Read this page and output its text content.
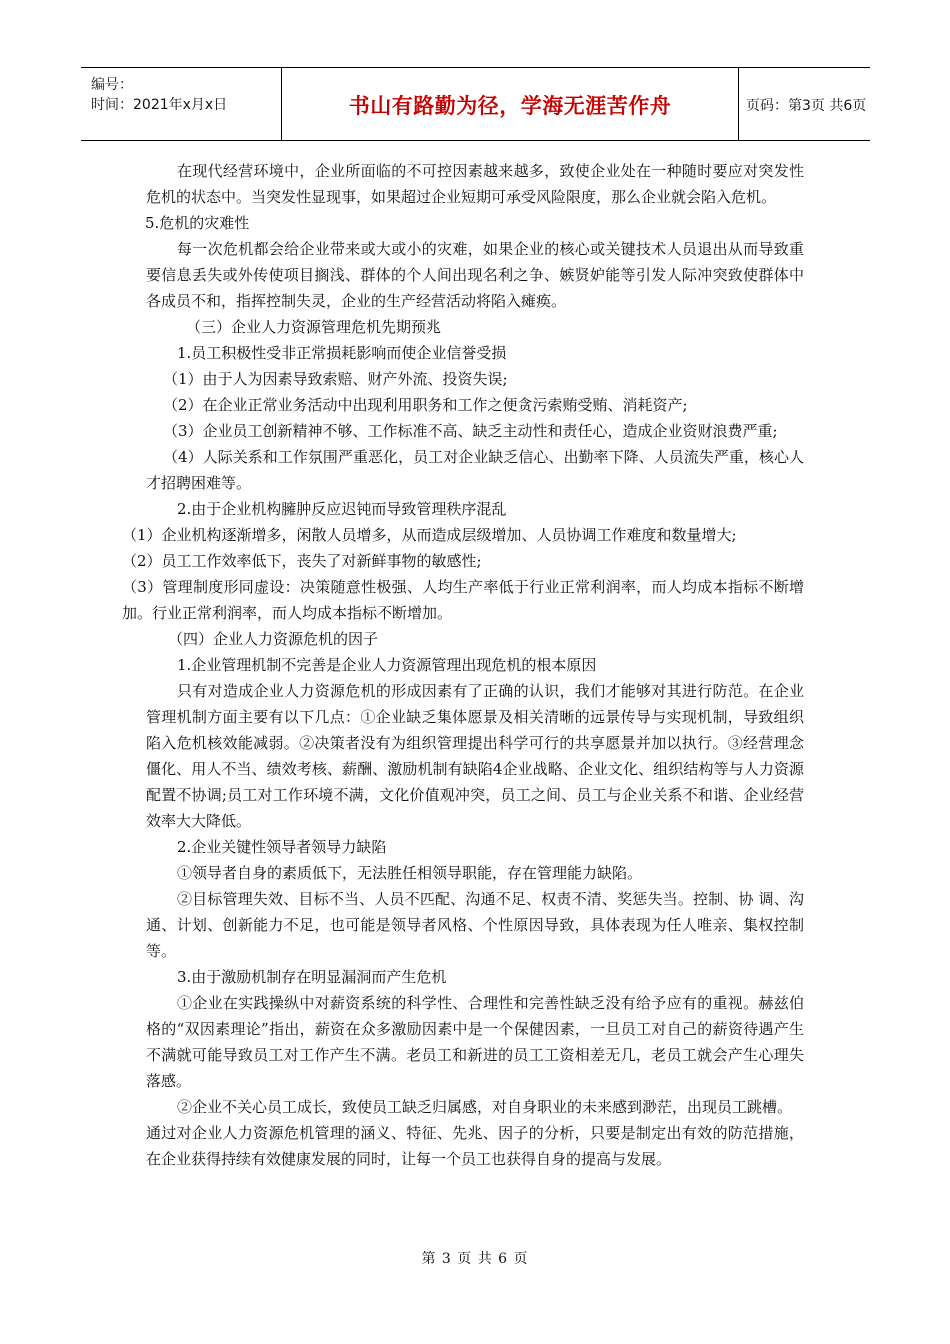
编号：
时间：2021年x月x日	书山有路勤为径，学海无涯苦作舟	页码：第3页 共6页

在现代经营环境中，企业所面临的不可控因素越来越多，致使企业处在一种随时要应对突发性危机的状态中。当突发性显现事，如果超过企业短期可承受风险限度，那么企业就会陷入危机。

5.危机的灾难性

每一次危机都会给企业带来或大或小的灾难，如果企业的核心或关键技术人员退出从而导致重要信息丢失或外传使项目搁浅、群体的个人间出现名利之争、嫉贤妒能等引发人际冲突致使群体中各成员不和，指挥控制失灵，企业的生产经营活动将陷入瘫痪。

（三）企业人力资源管理危机先期预兆

1.员工积极性受非正常损耗影响而使企业信誉受损

（1）由于人为因素导致索赔、财产外流、投资失误;

（2）在企业正常业务活动中出现利用职务和工作之便贪污索贿受贿、消耗资产;

（3）企业员工创新精神不够、工作标准不高、缺乏主动性和责任心，造成企业资财浪费严重;

（4）人际关系和工作氛围严重恶化，员工对企业缺乏信心、出勤率下降、人员流失严重，核心人才招聘困难等。

2.由于企业机构臃肿反应迟钝而导致管理秩序混乱

（1）企业机构逐渐增多，闲散人员增多，从而造成层级增加、人员协调工作难度和数量增大;

（2）员工工作效率低下，丧失了对新鲜事物的敏感性;

（3）管理制度形同虚设：决策随意性极强、人均生产率低于行业正常利润率，而人均成本指标不断增加。行业正常利润率，而人均成本指标不断增加。

（四）企业人力资源危机的因子

1.企业管理机制不完善是企业人力资源管理出现危机的根本原因

只有对造成企业人力资源危机的形成因素有了正确的认识，我们才能够对其进行防范。在企业管理机制方面主要有以下几点：①企业缺乏集体愿景及相关清晰的远景传导与实现机制，导致组织陷入危机核效能减弱。②决策者没有为组织管理提出科学可行的共享愿景并加以执行。③经营理念僵化、用人不当、绩效考核、薪酬、激励机制有缺陷4企业战略、企业文化、组织结构等与人力资源配置不协调;员工对工作环境不满，文化价值观冲突，员工之间、员工与企业关系不和谐、企业经营效率大大降低。

2.企业关键性领导者领导力缺陷

①领导者自身的素质低下，无法胜任相领导职能，存在管理能力缺陷。

②目标管理失效、目标不当、人员不匹配、沟通不足、权责不清、奖惩失当。控制、协 调、沟通、计划、创新能力不足，也可能是领导者风格、个性原因导致，具体表现为任人唯亲、集权控制等。

3.由于激励机制存在明显漏洞而产生危机

①企业在实践操纵中对薪资系统的科学性、合理性和完善性缺乏没有给予应有的重视。赫兹伯格的“双因素理论”指出，薪资在众多激励因素中是一个保健因素，一旦员工对自己的薪资待遇产生不满就可能导致员工对工作产生不满。老员工和新进的员工工资相差无几，老员工就会产生心理失落感。

②企业不关心员工成长，致使员工缺乏归属感，对自身职业的未来感到渺茫，出现员工跳槽。

通过对企业人力资源危机管理的涵义、特征、先兆、因子的分析，只要是制定出有效的防范措施，在企业获得持续有效健康发展的同时，让每一个员工也获得自身的提高与发展。

第 3 页 共 6 页
